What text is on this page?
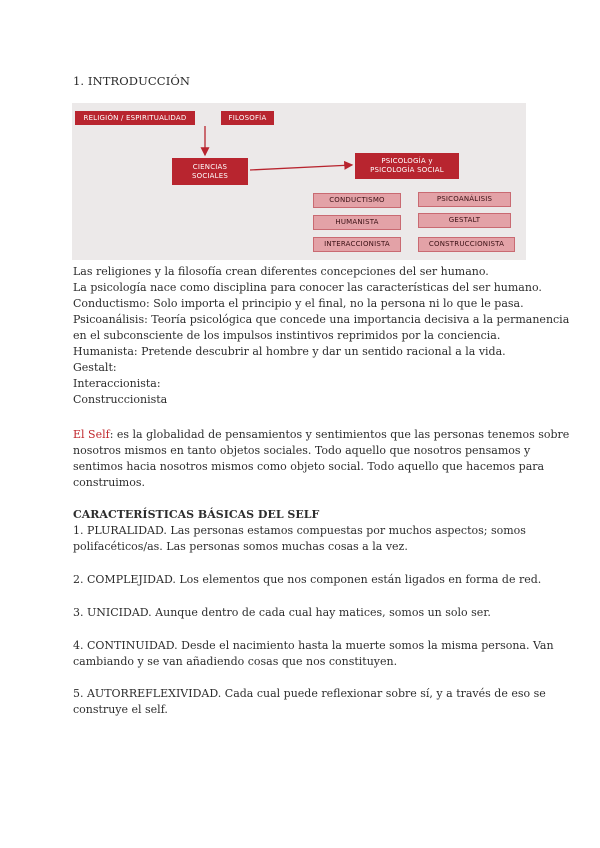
1. INTRODUCCIÓN
RELIGIÓN / ESPIRITUALIDAD	FILOSOFÍA
CIENCIAS
SOCIALES
PSICOLOGÍA y
PSICOLOGÍA SOCIAL
CONDUCTISMO	PSICOANÁLISIS
HUMANISTA	GESTALT
INTERACCIONISTA	CONSTRUCCIONISTA

Las religiones y la filosofía crean diferentes concepciones del ser humano.

La psicología nace como disciplina para conocer las características del ser humano.

Conductismo: Solo importa el principio y el final, no la persona ni lo que le pasa.

Psicoanálisis: Teoría psicológica que concede una importancia decisiva a la permanencia

en el subconsciente de los impulsos instintivos reprimidos por la conciencia.

Humanista: Pretende descubrir al hombre y dar un sentido racional a la vida.

Gestalt:

Interaccionista:

Construccionista

El Self: es la globalidad de pensamientos y sentimientos que las personas tenemos sobre

nosotros mismos en tanto objetos sociales. Todo aquello que nosotros pensamos y

sentimos hacia nosotros mismos como objeto social. Todo aquello que hacemos para

construimos.

CARACTERÍSTICAS BÁSICAS DEL SELF

1. PLURALIDAD. Las personas estamos compuestas por muchos aspectos; somos

polifacéticos/as. Las personas somos muchas cosas a la vez.

2. COMPLEJIDAD. Los elementos que nos componen están ligados en forma de red.
3. UNICIDAD. Aunque dentro de cada cual hay matices, somos un solo ser.

4. CONTINUIDAD. Desde el nacimiento hasta la muerte somos la misma persona. Van

cambiando y se van añadiendo cosas que nos constituyen.

5. AUTORREFLEXIVIDAD. Cada cual puede reflexionar sobre sí, y a través de eso se

construye el self.
